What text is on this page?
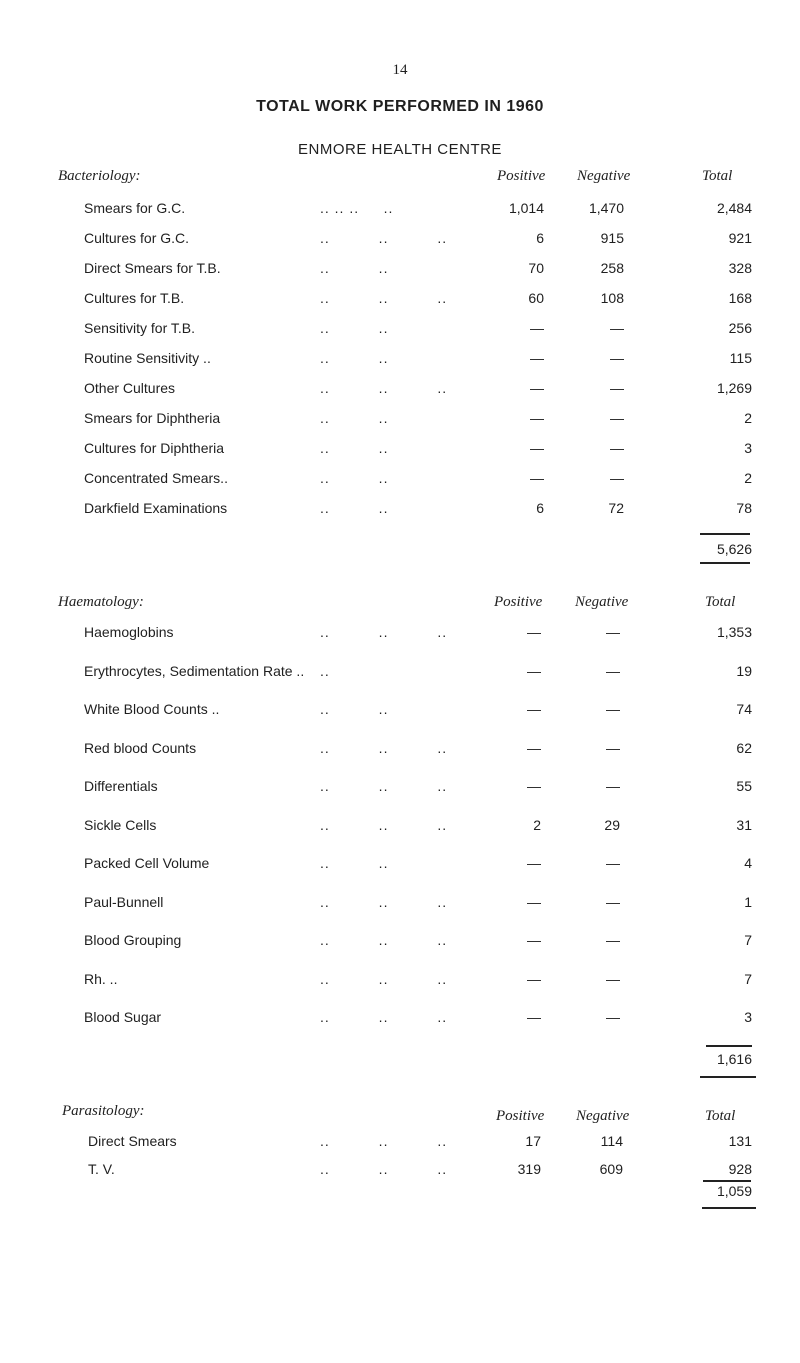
14
TOTAL WORK PERFORMED IN 1960
ENMORE HEALTH CENTRE
Bacteriology:	Positive Negative	Total
Smears for G.C.	.. .. ..     ..	1,014	1,470	2,484
Cultures for G.C.	..          ..          ..	6	915	921
Direct Smears for T.B.	..          ..	70	258	328
Cultures for T.B.	..          ..          ..	60	108	168
Sensitivity for T.B.	..          ..	—	—	256
Routine Sensitivity ..	..          ..	—	—	115
Other Cultures	..          ..          ..	—	—	1,269
Smears for Diphtheria	..          ..	—	—	2
Cultures for Diphtheria	..          ..	—	—	3
Concentrated Smears..	..          ..	—	—	2
Darkfield Examinations	..          ..	6	72	78
5,626
Haematology:	Positive Negative	Total
Haemoglobins	..          ..          ..	—	—	1,353
Erythrocytes, Sedimentation Rate .. ..	—	—	19
White Blood Counts ..	..          ..	—	—	74
Red blood Counts	..          ..          ..	—	—	62
Differentials	..          ..          ..	—	—	55
Sickle Cells	..          ..          ..	2	29	31
Packed Cell Volume	..          ..	—	—	4
Paul-Bunnell	..          ..          ..	—	—	1
Blood Grouping	..          ..          ..	—	—	7
Rh. ..	..          ..          ..	—	—	7
Blood Sugar	..          ..          ..	—	—	3
1,616
Parasitology:	Positive Negative	Total
Direct Smears	..          ..          ..	17	114	131
T. V.	..          ..          ..	319	609	928
1,059
